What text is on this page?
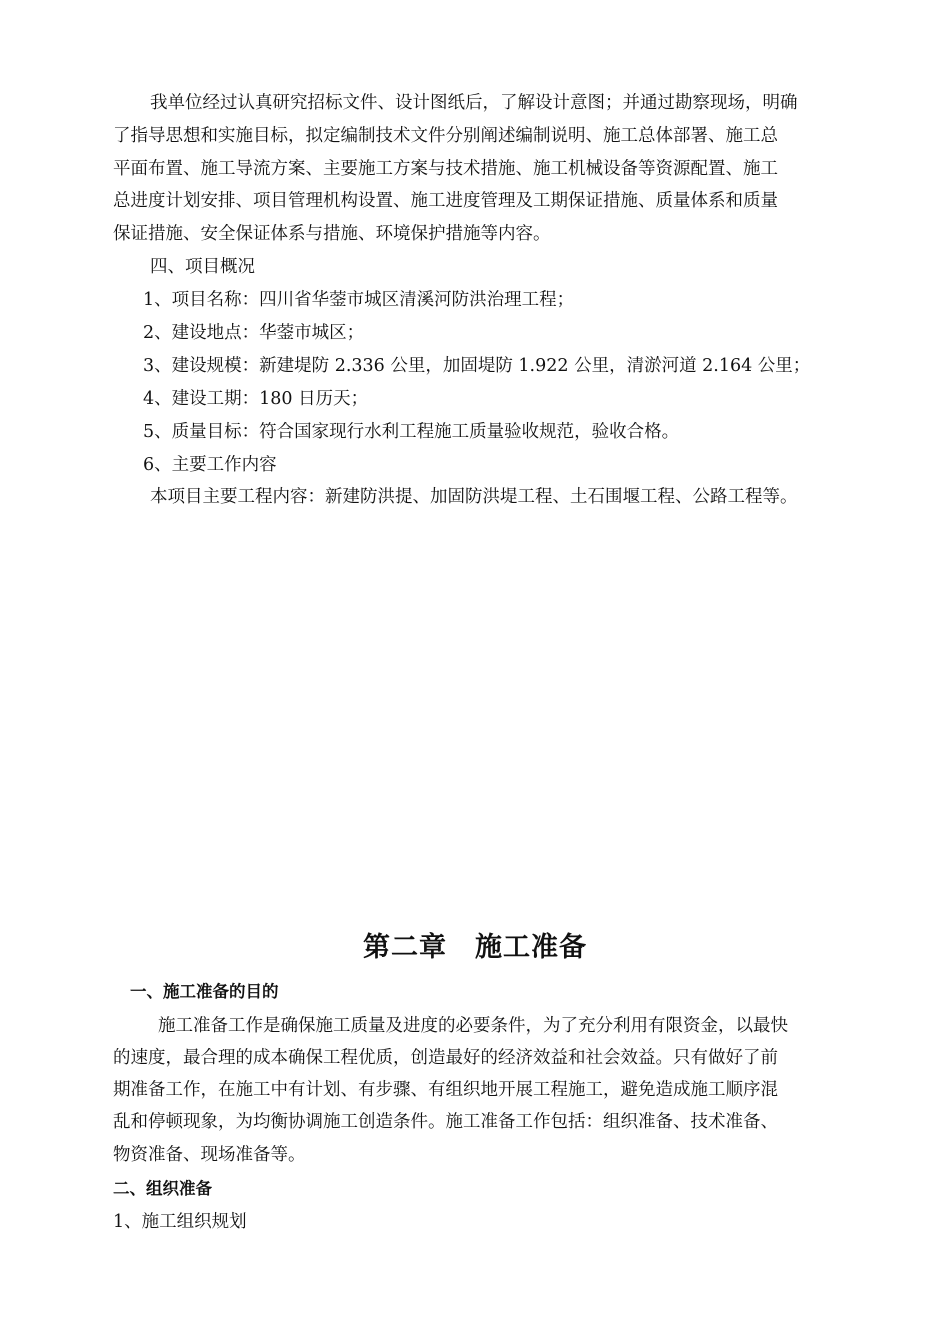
我单位经过认真研究招标文件、设计图纸后，了解设计意图；并通过勘察现场，明确
了指导思想和实施目标，拟定编制技术文件分别阐述编制说明、施工总体部署、施工总
平面布置、施工导流方案、主要施工方案与技术措施、施工机械设备等资源配置、施工
总进度计划安排、项目管理机构设置、施工进度管理及工期保证措施、质量体系和质量
保证措施、安全保证体系与措施、环境保护措施等内容。
四、项目概况
1、项目名称：四川省华蓥市城区清溪河防洪治理工程；
2、建设地点：华蓥市城区；
3、建设规模：新建堤防 2.336 公里，加固堤防 1.922 公里，清淤河道 2.164 公里；
4、建设工期：180 日历天；
5、质量目标：符合国家现行水利工程施工质量验收规范，验收合格。
6、主要工作内容
本项目主要工程内容：新建防洪提、加固防洪堤工程、土石围堰工程、公路工程等。
第二章　施工准备
一、施工准备的目的
施工准备工作是确保施工质量及进度的必要条件，为了充分利用有限资金，以最快
的速度，最合理的成本确保工程优质，创造最好的经济效益和社会效益。只有做好了前
期准备工作，在施工中有计划、有步骤、有组织地开展工程施工，避免造成施工顺序混
乱和停顿现象，为均衡协调施工创造条件。施工准备工作包括：组织准备、技术准备、
物资准备、现场准备等。
二、组织准备
1、施工组织规划
